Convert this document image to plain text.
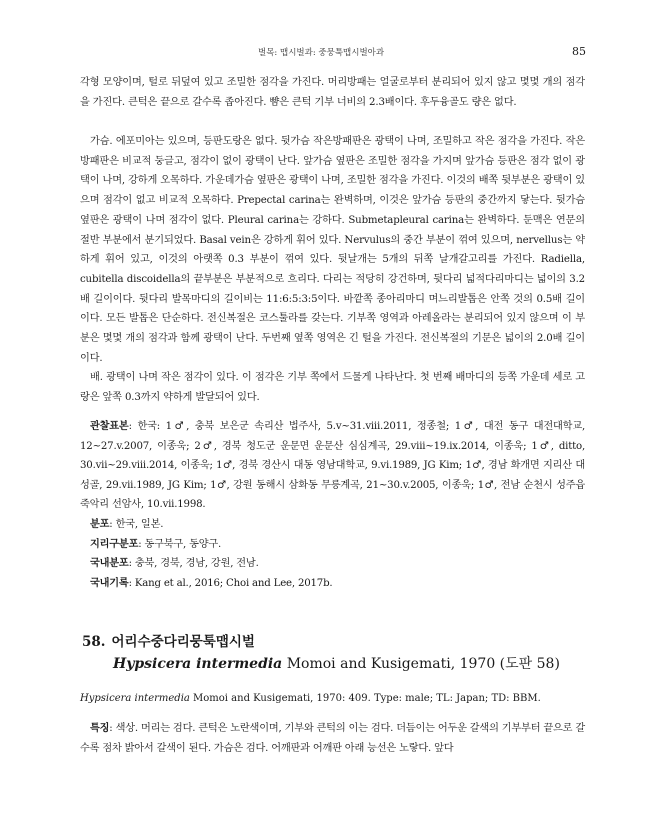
벌목: 맵시벌과: 중뭉툭맵시벌아과	85

각형 모양이며, 털로 뒤덮여 있고 조밀한 점각을 가진다. 머리방패는 얼굴로부터 분리되어 있지 않고 몇몇 개의 점각을 가진다. 큰턱은 끝으로 갈수록 좁아진다. 뺨은 큰턱 기부 너비의 2.3배이다. 후두융골도 량은 없다.

가슴. 에포미아는 있으며, 등판도랑은 없다. 뒷가슴 작은방패판은 광택이 나며, 조밀하고 작은 점각을 가진다. 작은방패판은 비교적 둥글고, 점각이 없이 광택이 난다. 앞가슴 옆판은 조밀한 점각을 가지며 앞가슴 등판은 점각 없이 광택이 나며, 강하게 오목하다. 가운데가슴 옆판은 광택이 나며, 조밀한 점각을 가진다. 이것의 배쪽 뒷부분은 광택이 있으며 점각이 없고 비교적 오목하다. Prepectal carina는 완벽하며, 이것은 앞가슴 등판의 중간까지 닿는다. 뒷가슴 옆판은 광택이 나며 점각이 없다. Pleural carina는 강하다. Submetapleural carina는 완벽하다. 둔맥은 연문의 절반 부분에서 분기되었다. Basal vein은 강하게 휘어 있다. Nervulus의 중간 부분이 꺾여 있으며, nervellus는 약하게 휘어 있고, 이것의 아랫쪽 0.3 부분이 꺾여 있다. 뒷날개는 5개의 뒤쪽 날개갈고리를 가진다. Radiella, cubitella discoidella의 끝부분은 부분적으로 흐리다. 다리는 적당히 강건하며, 뒷다리 넓적다리마디는 넓이의 3.2배 길이이다. 뒷다리 발목마디의 길이비는 11:6:5:3:5이다. 바깥쪽 종아리마디 며느리발톱은 안쪽 것의 0.5배 길이이다. 모든 발톱은 단순하다. 전신복절은 코스툴라를 갖는다. 기부쪽 영역과 아레올라는 분리되어 있지 않으며 이 부분은 몇몇 개의 점각과 함께 광택이 난다. 두번째 옆쪽 영역은 긴 털을 가진다. 전신복절의 기문은 넓이의 2.0배 길이이다.

배. 광택이 나며 작은 점각이 있다. 이 점각은 기부 쪽에서 드물게 나타난다. 첫 번째 배마디의 등쪽 가운데 세로 고랑은 앞쪽 0.3까지 약하게 발달되어 있다.

관찰표본: 한국: 1♂, 충북 보은군 속리산 법주사, 5.v~31.viii.2011, 정종철; 1♂, 대전 동구 대전대학교, 12~27.v.2007, 이종욱; 2♂, 경북 청도군 운문면 운문산 심심계곡, 29.viii~19.ix.2014, 이종욱; 1♂, ditto, 30.vii~29.viii.2014, 이종욱; 1♂, 경북 경산시 대동 영남대학교, 9.vi.1989, JG Kim; 1♂, 경남 화개면 지리산 대성골, 29.vii.1989, JG Kim; 1♂, 강원 동해시 삼화동 무릉계곡, 21~30.v.2005, 이종욱; 1♂, 전남 순천시 성주읍 죽악리 선암사, 10.vii.1998.

분포: 한국, 일본.

지리구분포: 동구북구, 동양구.

국내분포: 충북, 경북, 경남, 강원, 전남.

국내기록: Kang et al., 2016; Choi and Lee, 2017b.

58. 어리수중다리뭉툭맵시벌
Hypsicera intermedia Momoi and Kusigemati, 1970 (도판 58)
Hypsicera intermedia Momoi and Kusigemati, 1970: 409. Type: male; TL: Japan; TD: BBM.
특징: 색상. 머리는 검다. 큰턱은 노란색이며, 기부와 큰턱의 이는 검다. 더듬이는 어두운 갈색의 기부부터 끝으로 갈수록 점차 밝아서 갈색이 된다. 가슴은 검다. 어깨판과 어깨판 아래 능선은 노랗다. 앞다
